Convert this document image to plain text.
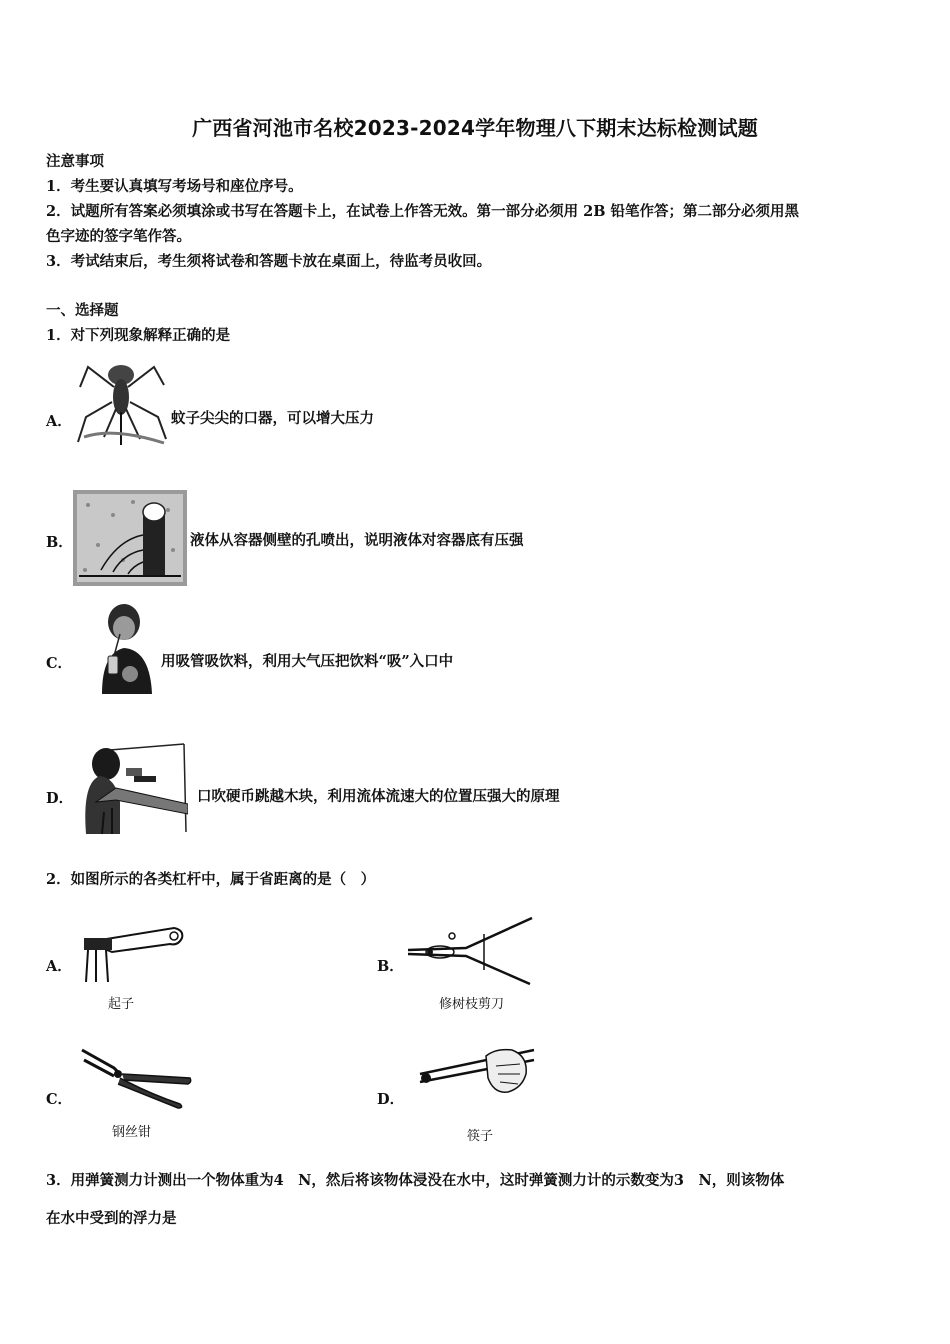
广西省河池市名校2023-2024学年物理八下期末达标检测试题
注意事项
1．考生要认真填写考场号和座位序号。
2．试题所有答案必须填涂或书写在答题卡上，在试卷上作答无效。第一部分必须用 2B 铅笔作答；第二部分必须用黑
色字迹的签字笔作答。
3．考试结束后，考生须将试卷和答题卡放在桌面上，待监考员收回。
一、选择题
1．对下列现象解释正确的是
A．	蚊子尖尖的口器，可以增大压力
B．	液体从容器侧壁的孔喷出，说明液体对容器底有压强
C．	用吸管吸饮料，利用大气压把饮料“吸”入口中
D．	口吹硬币跳越木块，利用流体流速大的位置压强大的原理
2．如图所示的各类杠杆中，属于省距离的是（　）
A．
起子
B．
修树枝剪刀
C．
钢丝钳
D．
筷子
3．用弹簧测力计测出一个物体重为4　N，然后将该物体浸没在水中，这时弹簧测力计的示数变为3　N，则该物体
在水中受到的浮力是
